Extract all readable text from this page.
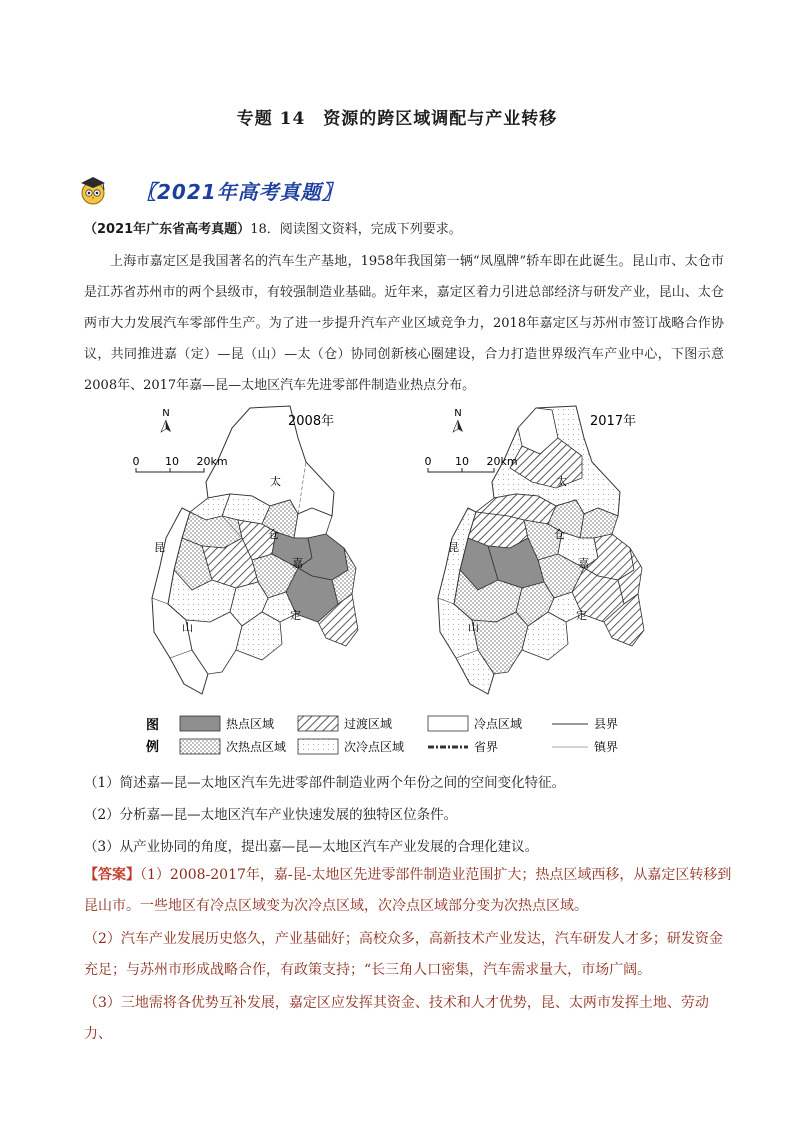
专题 14 资源的跨区域调配与产业转移
〖2021年高考真题〗
（2021年广东省高考真题）18．阅读图文资料，完成下列要求。
上海市嘉定区是我国著名的汽车生产基地，1958年我国第一辆“凤凰牌”轿车即在此诞生。昆山市、太仓市是江苏省苏州市的两个县级市，有较强制造业基础。近年来，嘉定区着力引进总部经济与研发产业，昆山、太仓两市大力发展汽车零部件生产。为了进一步提升汽车产业区域竞争力，2018年嘉定区与苏州市签订战略合作协议，共同推进嘉（定）—昆（山）—太（仓）协同创新核心圈建设，合力打造世界级汽车产业中心，下图示意2008年、2017年嘉—昆—太地区汽车先进零部件制造业热点分布。
2008年	2017年
N	N
0 10 20km	0 10 20km
太
仓
昆
山
嘉
定
太
仓
昆
山
嘉
定
图
例
热点区域	过渡区域	冷点区域	县界
次热点区域	次冷点区域	省界	镇界
（1）简述嘉—昆—太地区汽车先进零部件制造业两个年份之间的空间变化特征。
（2）分析嘉—昆—太地区汽车产业快速发展的独特区位条件。
（3）从产业协同的角度，提出嘉—昆—太地区汽车产业发展的合理化建议。
【答案】（1）2008-2017年，嘉-昆-太地区先进零部件制造业范围扩大；热点区域西移，从嘉定区转移到昆山市。一些地区有冷点区域变为次冷点区域，次冷点区域部分变为次热点区域。
（2）汽车产业发展历史悠久，产业基础好；高校众多，高新技术产业发达，汽车研发人才多；研发资金充足；与苏州市形成战略合作，有政策支持；“长三角人口密集，汽车需求量大，市场广阔。
（3）三地需将各优势互补发展，嘉定区应发挥其资金、技术和人才优势，昆、太两市发挥土地、劳动力、
